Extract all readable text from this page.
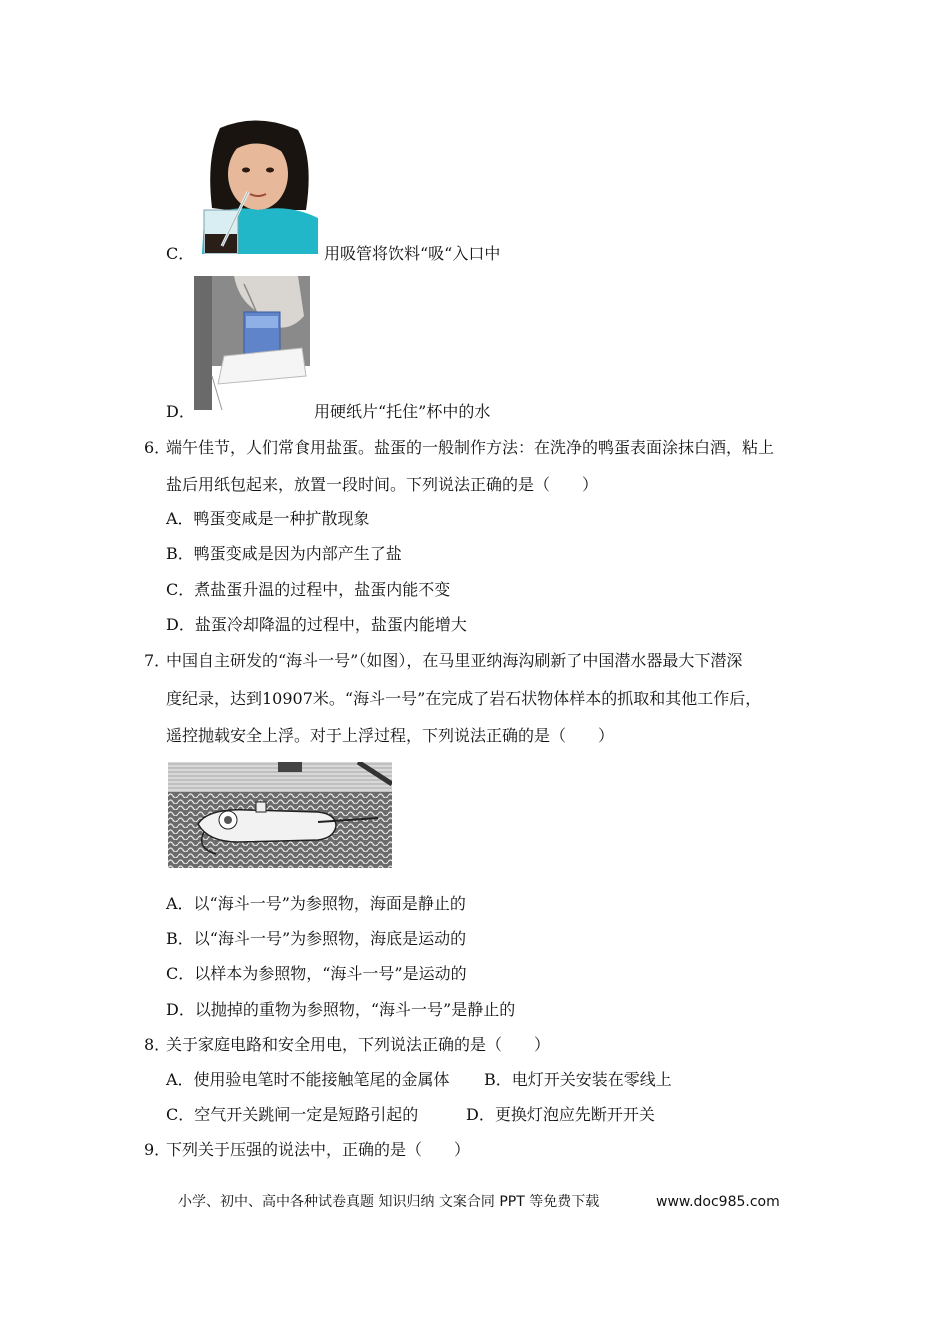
C．	用吸管将饮料“吸“入口中
D．	用硬纸片“托住”杯中的水
6．
端午佳节，人们常食用盐蛋。盐蛋的一般制作方法：在洗净的鸭蛋表面涂抹白酒，粘上
盐后用纸包起来，放置一段时间。下列说法正确的是（　　）
A．鸭蛋变咸是一种扩散现象
B．鸭蛋变咸是因为内部产生了盐
C．煮盐蛋升温的过程中，盐蛋内能不变
D．盐蛋冷却降温的过程中，盐蛋内能增大
7．
中国自主研发的“海斗一号”（如图），在马里亚纳海沟刷新了中国潜水器最大下潜深
度纪录，达到10907米。“海斗一号”在完成了岩石状物体样本的抓取和其他工作后，
遥控抛载安全上浮。对于上浮过程，下列说法正确的是（　　）
A．以“海斗一号”为参照物，海面是静止的
B．以“海斗一号”为参照物，海底是运动的
C．以样本为参照物，“海斗一号”是运动的
D．以抛掉的重物为参照物，“海斗一号”是静止的
8．
关于家庭电路和安全用电，下列说法正确的是（　　）
A．使用验电笔时不能接触笔尾的金属体 B．电灯开关安装在零线上
C．空气开关跳闸一定是短路引起的	D．更换灯泡应先断开开关
9．
下列关于压强的说法中，正确的是（　　）
小学、初中、高中各种试卷真题 知识归纳 文案合同 PPT 等免费下载	www.doc985.com
